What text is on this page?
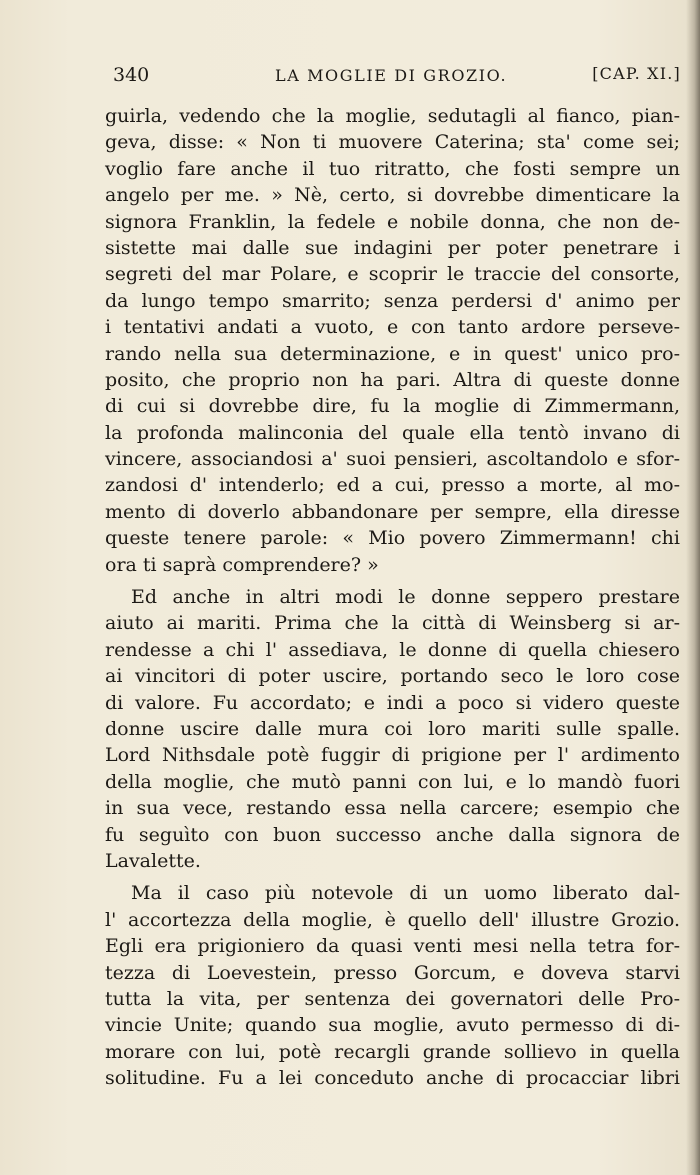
340	LA MOGLIE DI GROZIO.	[CAP. XI.]
guirla, vedendo che la moglie, sedutagli al fianco, pian-
geva, disse: « Non ti muovere Caterina; sta' come sei;
voglio fare anche il tuo ritratto, che fosti sempre un
angelo per me. » Nè, certo, si dovrebbe dimenticare la
signora Franklin, la fedele e nobile donna, che non de-
sistette mai dalle sue indagini per poter penetrare i
segreti del mar Polare, e scoprir le traccie del consorte,
da lungo tempo smarrito; senza perdersi d' animo per
i tentativi andati a vuoto, e con tanto ardore perseve-
rando nella sua determinazione, e in quest' unico pro-
posito, che proprio non ha pari. Altra di queste donne
di cui si dovrebbe dire, fu la moglie di Zimmermann,
la profonda malinconia del quale ella tentò invano di
vincere, associandosi a' suoi pensieri, ascoltandolo e sfor-
zandosi d' intenderlo; ed a cui, presso a morte, al mo-
mento di doverlo abbandonare per sempre, ella diresse
queste tenere parole: « Mio povero Zimmermann! chi
ora ti saprà comprendere? »
Ed anche in altri modi le donne seppero prestare
aiuto ai mariti. Prima che la città di Weinsberg si ar-
rendesse a chi l' assediava, le donne di quella chiesero
ai vincitori di poter uscire, portando seco le loro cose
di valore. Fu accordato; e indi a poco si videro queste
donne uscire dalle mura coi loro mariti sulle spalle.
Lord Nithsdale potè fuggir di prigione per l' ardimento
della moglie, che mutò panni con lui, e lo mandò fuori
in sua vece, restando essa nella carcere; esempio che
fu seguìto con buon successo anche dalla signora de
Lavalette.
Ma il caso più notevole di un uomo liberato dal-
l' accortezza della moglie, è quello dell' illustre Grozio.
Egli era prigioniero da quasi venti mesi nella tetra for-
tezza di Loevestein, presso Gorcum, e doveva starvi
tutta la vita, per sentenza dei governatori delle Pro-
vincie Unite; quando sua moglie, avuto permesso di di-
morare con lui, potè recargli grande sollievo in quella
solitudine. Fu a lei conceduto anche di procacciar libri
